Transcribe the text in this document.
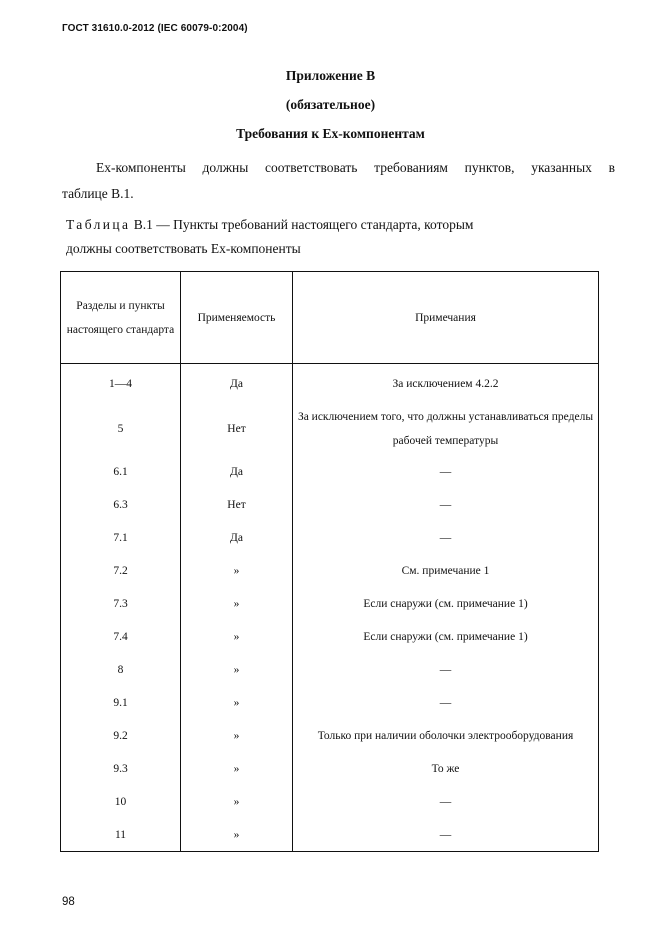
ГОСТ 31610.0-2012 (IEC 60079-0:2004)
Приложение В
(обязательное)
Требования к Ex-компонентам
Ex-компоненты должны соответствовать требованиям пунктов, указанных в
таблице В.1.
Таблица В.1 — Пункты требований настоящего стандарта, которым
должны соответствовать Ex-компоненты
Разделы и пункты настоящего стандарта	Применяемость	Примечания
1—4	Да	За исключением 4.2.2
5	Нет	За исключением того, что должны устанавливаться пределы рабочей температуры
6.1	Да	—
6.3	Нет	—
7.1	Да	—
7.2	»	См. примечание 1
7.3	»	Если снаружи (см. примечание 1)
7.4	»	Если снаружи (см. примечание 1)
8	»	—
9.1	»	—
9.2	»	Только при наличии оболочки электрооборудования
9.3	»	То же
10	»	—
11	»	—
98
